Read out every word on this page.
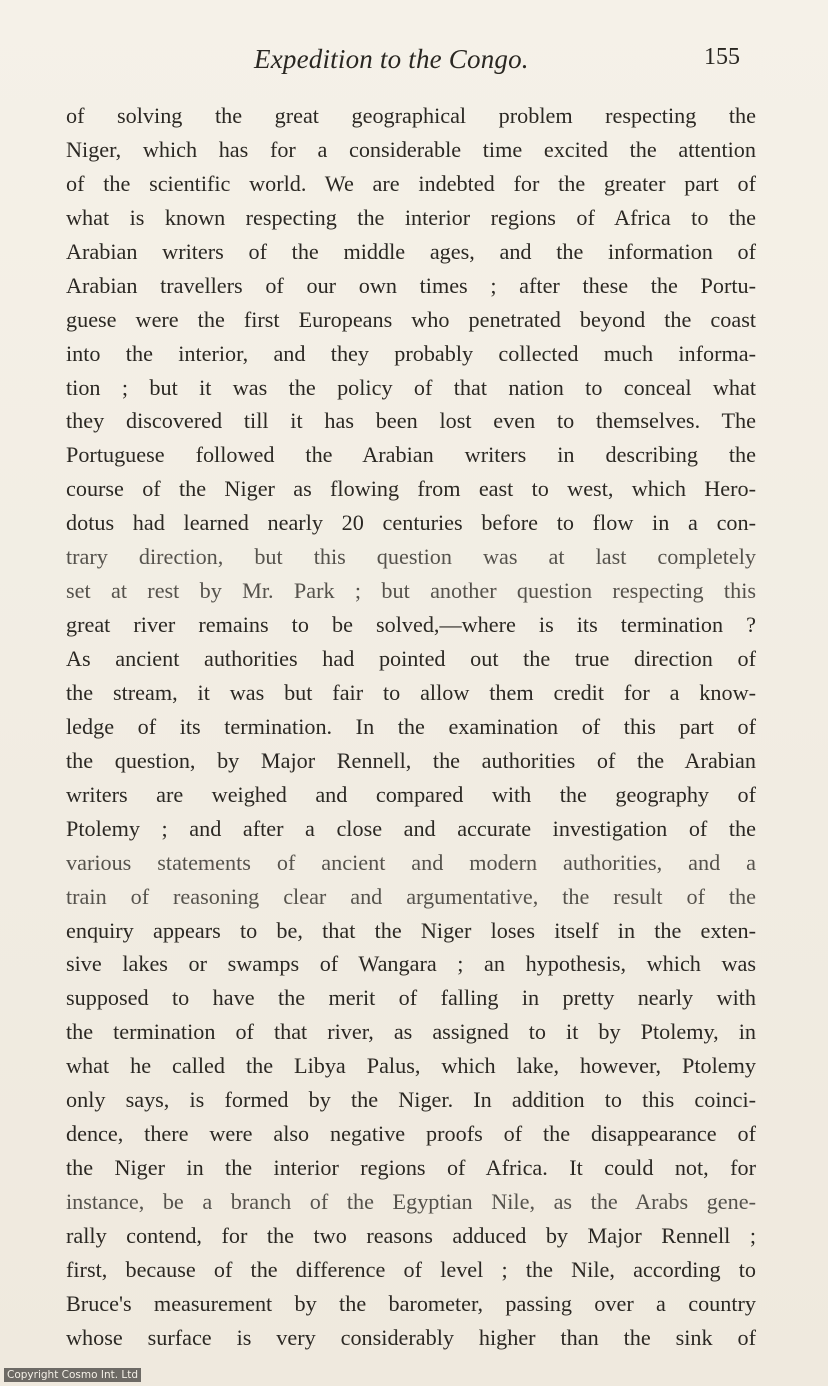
Expedition to the Congo.	155
of solving the great geographical problem respecting the
Niger, which has for a considerable time excited the attention
of the scientific world. We are indebted for the greater part of
what is known respecting the interior regions of Africa to the
Arabian writers of the middle ages, and the information of
Arabian travellers of our own times ; after these the Portu-
guese were the first Europeans who penetrated beyond the coast
into the interior, and they probably collected much informa-
tion ; but it was the policy of that nation to conceal what
they discovered till it has been lost even to themselves. The
Portuguese followed the Arabian writers in describing the
course of the Niger as flowing from east to west, which Hero-
dotus had learned nearly 20 centuries before to flow in a con-
trary direction, but this question was at last completely
set at rest by Mr. Park ; but another question respecting this
great river remains to be solved,—where is its termination ?
As ancient authorities had pointed out the true direction of
the stream, it was but fair to allow them credit for a know-
ledge of its termination. In the examination of this part of
the question, by Major Rennell, the authorities of the Arabian
writers are weighed and compared with the geography of
Ptolemy ; and after a close and accurate investigation of the
various statements of ancient and modern authorities, and a
train of reasoning clear and argumentative, the result of the
enquiry appears to be, that the Niger loses itself in the exten-
sive lakes or swamps of Wangara ; an hypothesis, which was
supposed to have the merit of falling in pretty nearly with
the termination of that river, as assigned to it by Ptolemy, in
what he called the Libya Palus, which lake, however, Ptolemy
only says, is formed by the Niger. In addition to this coinci-
dence, there were also negative proofs of the disappearance of
the Niger in the interior regions of Africa. It could not, for
instance, be a branch of the Egyptian Nile, as the Arabs gene-
rally contend, for the two reasons adduced by Major Rennell ;
first, because of the difference of level ; the Nile, according to
Bruce's measurement by the barometer, passing over a country
whose surface is very considerably higher than the sink of
Copyright Cosmo Int. Ltd
